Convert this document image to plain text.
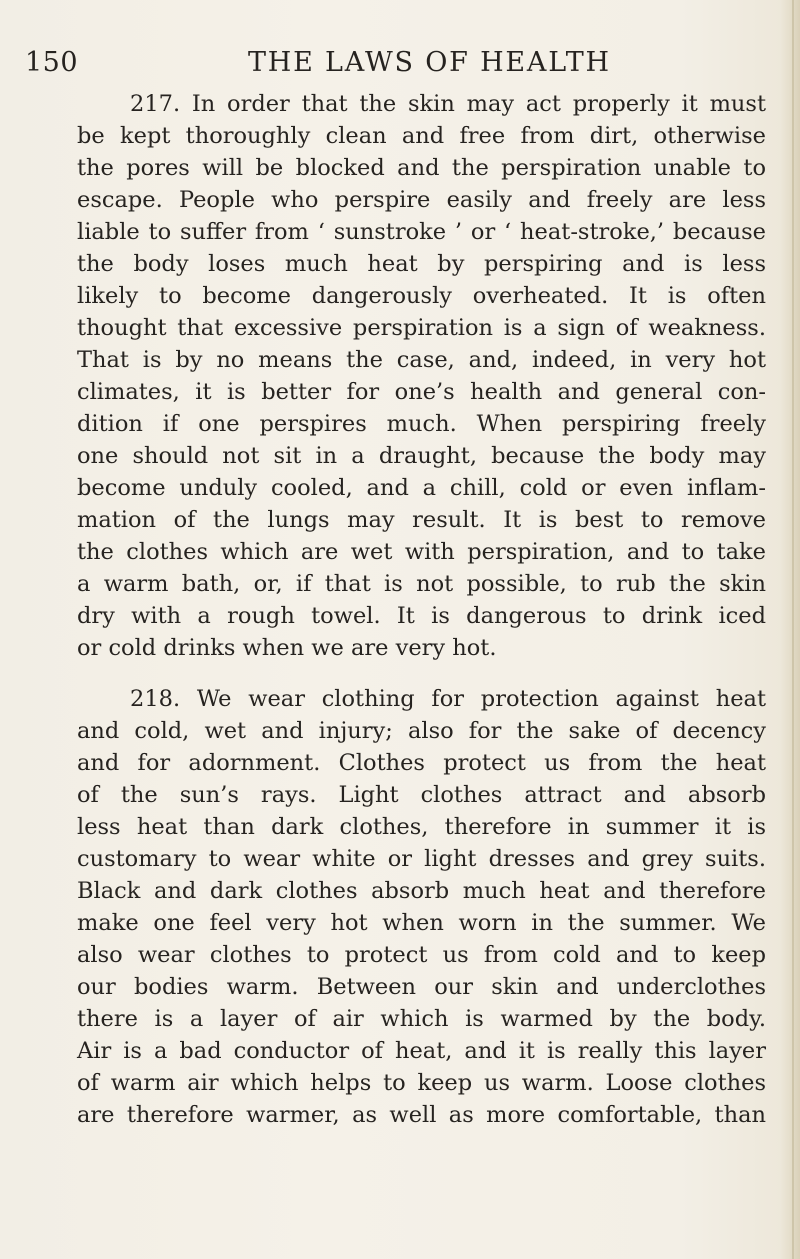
150	THE LAWS OF HEALTH
217. In order that the skin may act properly it must
be kept thoroughly clean and free from dirt, otherwise
the pores will be blocked and the perspiration unable to
escape. People who perspire easily and freely are less
liable to suffer from ‘ sunstroke ’ or ‘ heat-stroke,’ because
the body loses much heat by perspiring and is less
likely to become dangerously overheated. It is often
thought that excessive perspiration is a sign of weakness.
That is by no means the case, and, indeed, in very hot
climates, it is better for one’s health and general con-
dition if one perspires much. When perspiring freely
one should not sit in a draught, because the body may
become unduly cooled, and a chill, cold or even inflam-
mation of the lungs may result. It is best to remove
the clothes which are wet with perspiration, and to take
a warm bath, or, if that is not possible, to rub the skin
dry with a rough towel. It is dangerous to drink iced
or cold drinks when we are very hot.
218. We wear clothing for protection against heat
and cold, wet and injury; also for the sake of decency
and for adornment. Clothes protect us from the heat
of the sun’s rays. Light clothes attract and absorb
less heat than dark clothes, therefore in summer it is
customary to wear white or light dresses and grey suits.
Black and dark clothes absorb much heat and therefore
make one feel very hot when worn in the summer. We
also wear clothes to protect us from cold and to keep
our bodies warm. Between our skin and underclothes
there is a layer of air which is warmed by the body.
Air is a bad conductor of heat, and it is really this layer
of warm air which helps to keep us warm. Loose clothes
are therefore warmer, as well as more comfortable, than
